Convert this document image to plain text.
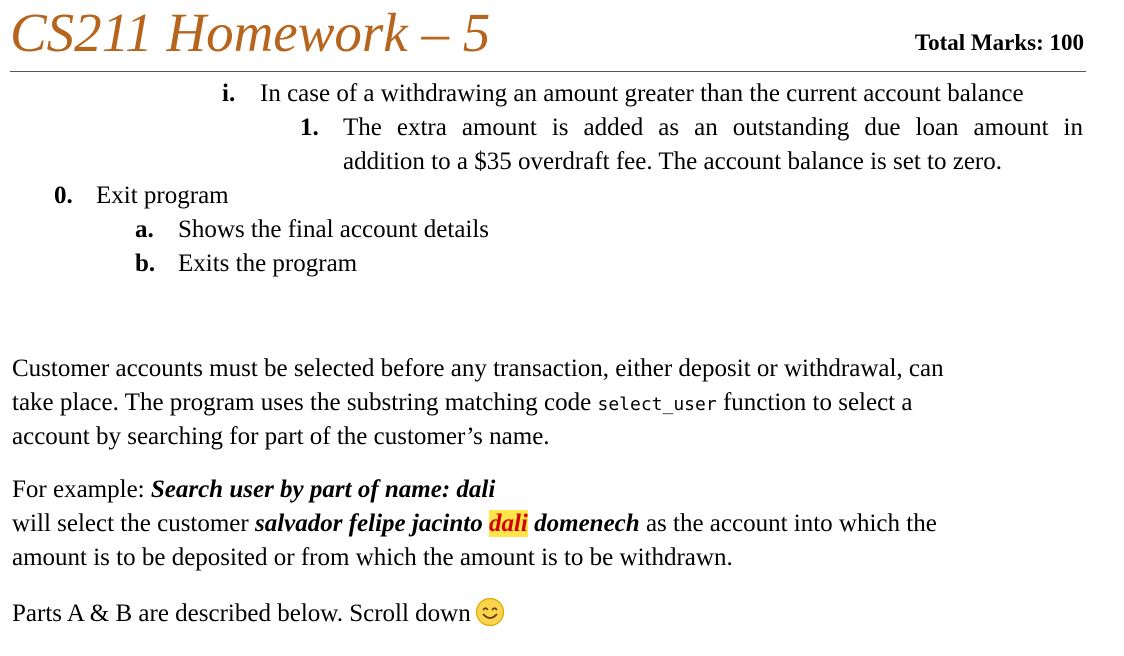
CS211 Homework – 5	Total Marks: 100
i. In case of a withdrawing an amount greater than the current account balance
1. The extra amount is added as an outstanding due loan amount in
addition to a $35 overdraft fee. The account balance is set to zero.
0. Exit program
a. Shows the final account details
b. Exits the program
Customer accounts must be selected before any transaction, either deposit or withdrawal, can
take place. The program uses the substring matching code select_user function to select a
account by searching for part of the customer’s name.
For example: Search user by part of name: dali
will select the customer salvador felipe jacinto dali domenech as the account into which the
amount is to be deposited or from which the amount is to be withdrawn.
Parts A & B are described below. Scroll down
